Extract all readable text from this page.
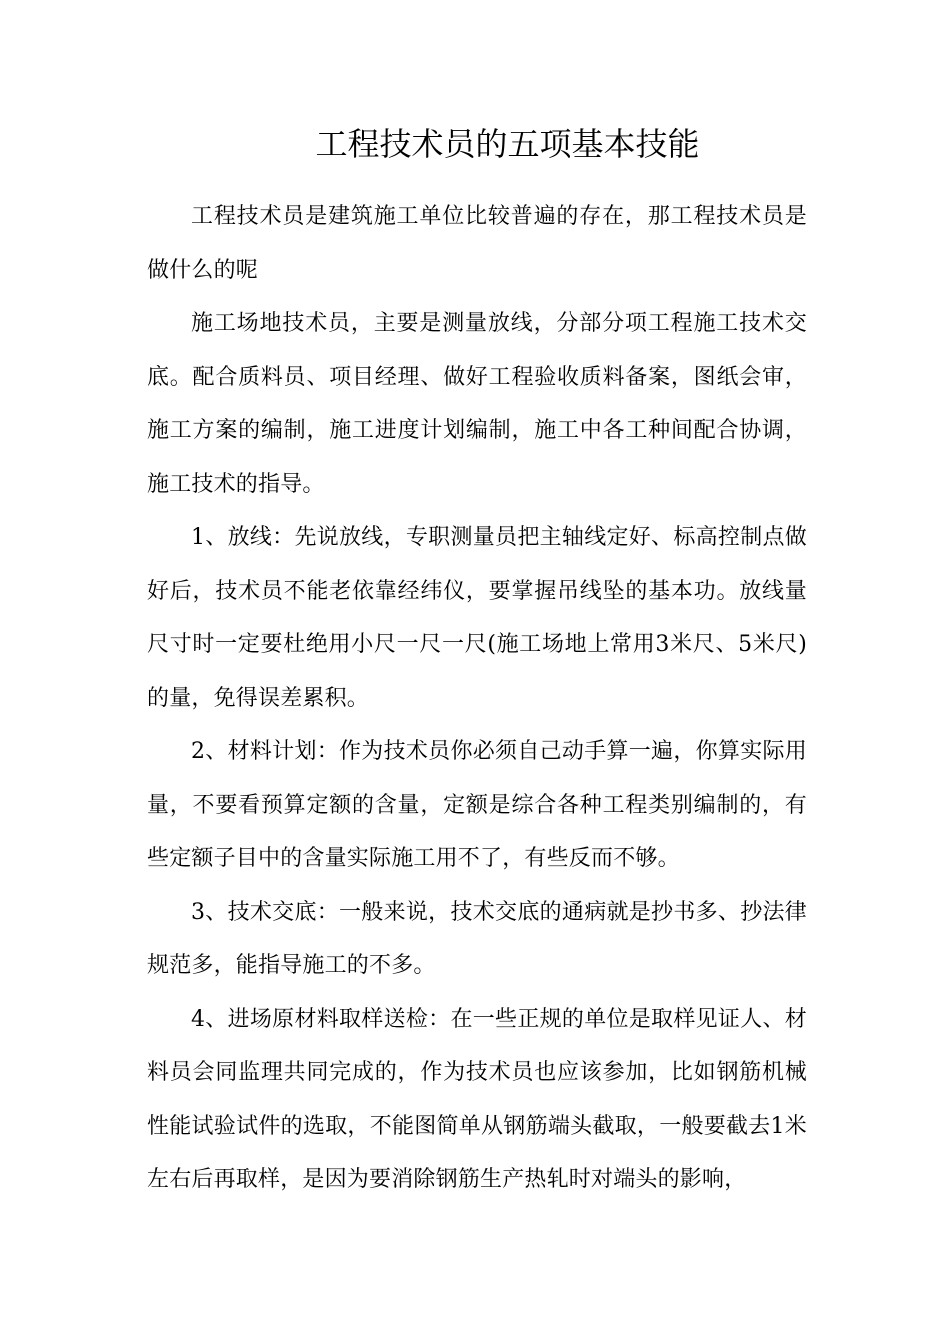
工程技术员的五项基本技能

工程技术员是建筑施工单位比较普遍的存在，那工程技术员是做什么的呢

施工场地技术员，主要是测量放线，分部分项工程施工技术交底。配合质料员、项目经理、做好工程验收质料备案，图纸会审，施工方案的编制，施工进度计划编制，施工中各工种间配合协调，施工技术的指导。

1、放线：先说放线，专职测量员把主轴线定好、标高控制点做好后，技术员不能老依靠经纬仪，要掌握吊线坠的基本功。放线量尺寸时一定要杜绝用小尺一尺一尺(施工场地上常用3米尺、5米尺)的量，免得误差累积。

2、材料计划：作为技术员你必须自己动手算一遍，你算实际用量，不要看预算定额的含量，定额是综合各种工程类别编制的，有些定额子目中的含量实际施工用不了，有些反而不够。

3、技术交底：一般来说，技术交底的通病就是抄书多、抄法律规范多，能指导施工的不多。

4、进场原材料取样送检：在一些正规的单位是取样见证人、材料员会同监理共同完成的，作为技术员也应该参加，比如钢筋机械性能试验试件的选取，不能图简单从钢筋端头截取，一般要截去1米左右后再取样，是因为要消除钢筋生产热轧时对端头的影响，
